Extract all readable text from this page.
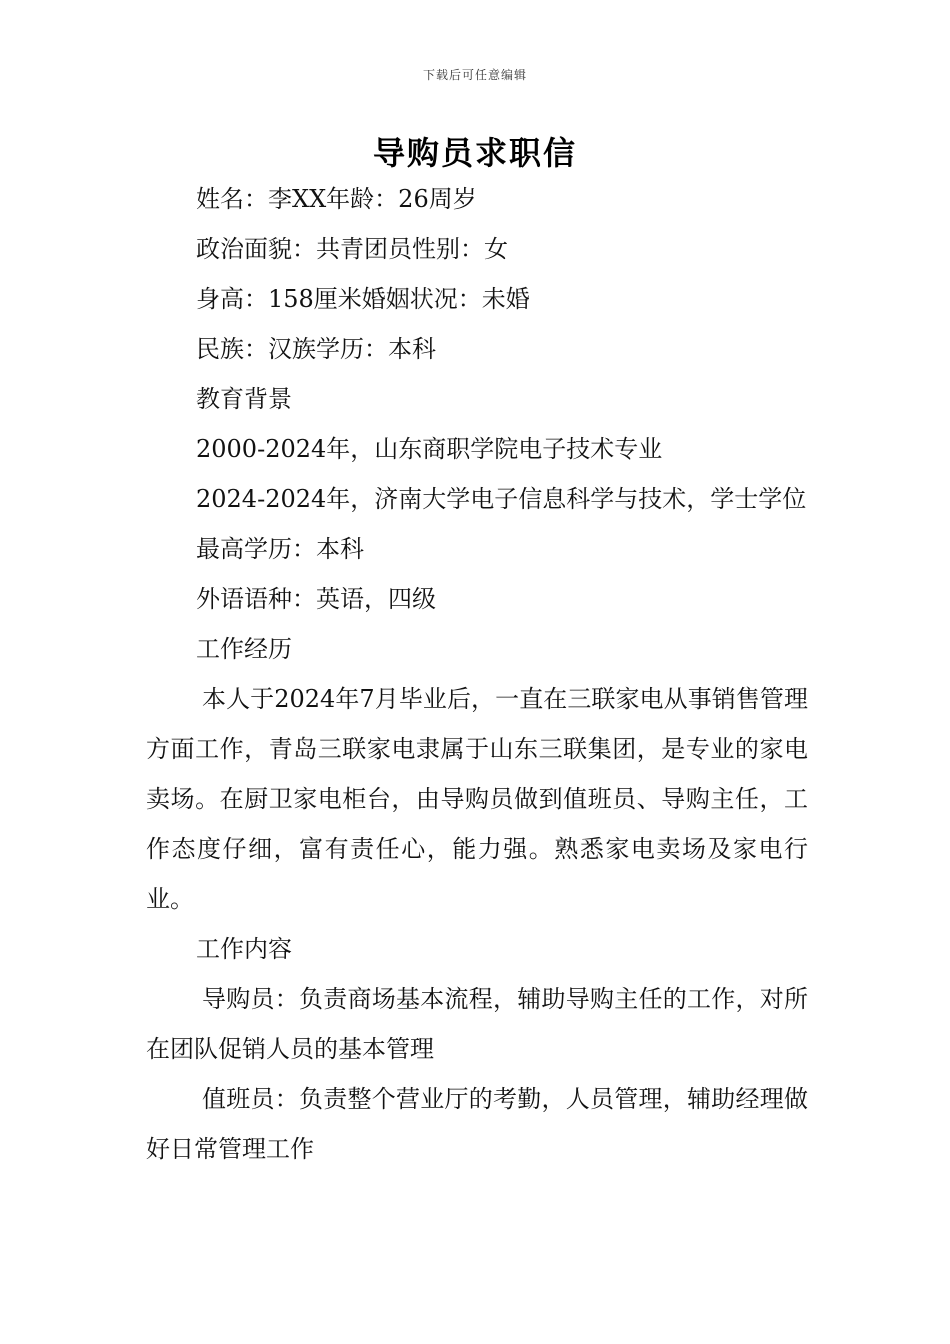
下载后可任意编辑
导购员求职信

姓名：李XX年龄：26周岁

政治面貌：共青团员性别：女

身高：158厘米婚姻状况：未婚

民族：汉族学历：本科

教育背景

2000-2024年，山东商职学院电子技术专业

2024-2024年，济南大学电子信息科学与技术，学士学位

最高学历：本科

外语语种：英语，四级

工作经历

本人于2024年7月毕业后，一直在三联家电从事销售管理方面工作，青岛三联家电隶属于山东三联集团，是专业的家电卖场。在厨卫家电柜台，由导购员做到值班员、导购主任，工作态度仔细，富有责任心，能力强。熟悉家电卖场及家电行业。

工作内容

导购员：负责商场基本流程，辅助导购主任的工作，对所在团队促销人员的基本管理

值班员：负责整个营业厅的考勤，人员管理，辅助经理做好日常管理工作
